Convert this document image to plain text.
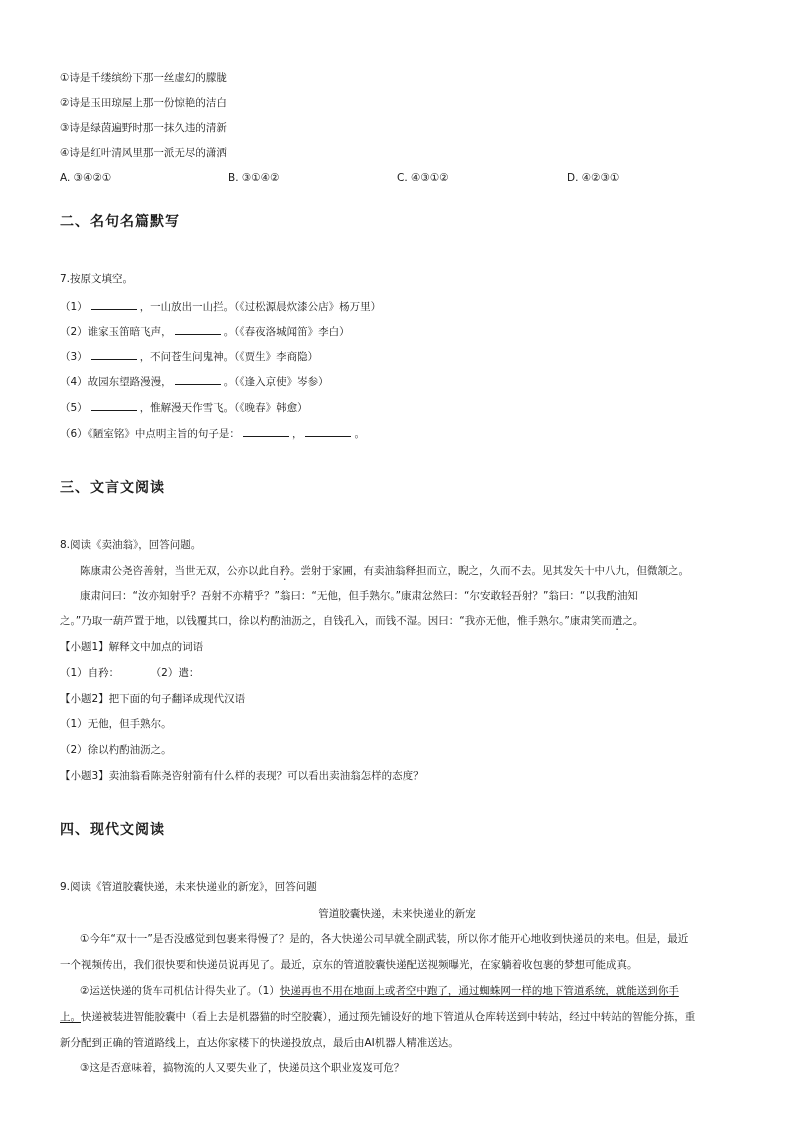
①诗是千缕缤纷下那一丝虚幻的朦胧
②诗是玉田琼屋上那一份惊艳的洁白
③诗是绿茵遍野时那一抹久违的清新
④诗是红叶清风里那一派无尽的潇洒
A. ③④②①	B. ③①④②	C. ④③①②	D. ④②③①
二、名句名篇默写
7.按原文填空。
（1）	，一山放出一山拦。（《过松源晨炊漆公店》杨万里）
（2）谁家玉笛暗飞声，	。（《春夜洛城闻笛》李白）
（3）	，不问苍生问鬼神。（《贾生》李商隐）
（4）故园东望路漫漫，	。（《逢入京使》岑参）
（5）	，惟解漫天作雪飞。（《晚春》韩愈）
（6）《陋室铭》中点明主旨的句子是：	，	。
三、文言文阅读
8.阅读《卖油翁》，回答问题。
陈康肃公尧咨善射，当世无双，公亦以此自矜。尝射于家圃，有卖油翁释担而立，睨之，久而不去。见其发矢十中八九，但微颔之。
康肃问曰：“汝亦知射乎？吾射不亦精乎？”翁曰：“无他，但手熟尔。”康肃忿然曰：“尔安敢轻吾射？”翁曰：“以我酌油知
之。”乃取一葫芦置于地，以钱覆其口，徐以杓酌油沥之，自钱孔入，而钱不湿。因曰：“我亦无他，惟手熟尔。”康肃笑而遣之。
【小题1】解释文中加点的词语
（1）自矜：　　　　（2）遣：
【小题2】把下面的句子翻译成现代汉语
（1）无他，但手熟尔。
（2）徐以杓酌油沥之。
【小题3】卖油翁看陈尧咨射箭有什么样的表现？可以看出卖油翁怎样的态度？
四、现代文阅读
9.阅读《管道胶囊快递，未来快递业的新宠》，回答问题
管道胶囊快递，未来快递业的新宠
①今年“双十一”是否没感觉到包裹来得慢了？是的，各大快递公司早就全副武装，所以你才能开心地收到快递员的来电。但是，最近
一个视频传出，我们很快要和快递员说再见了。最近，京东的管道胶囊快递配送视频曝光，在家躺着收包裹的梦想可能成真。
②运送快递的货车司机估计得失业了。（1）快递再也不用在地面上或者空中跑了，通过蜘蛛网一样的地下管道系统，就能送到你手
上。快递被装进智能胶囊中（看上去是机器猫的时空胶囊），通过预先铺设好的地下管道从仓库转送到中转站，经过中转站的智能分拣，重
新分配到正确的管道路线上，直达你家楼下的快递投放点，最后由AI机器人精准送达。
③这是否意味着，搞物流的人又要失业了，快递员这个职业岌岌可危？
